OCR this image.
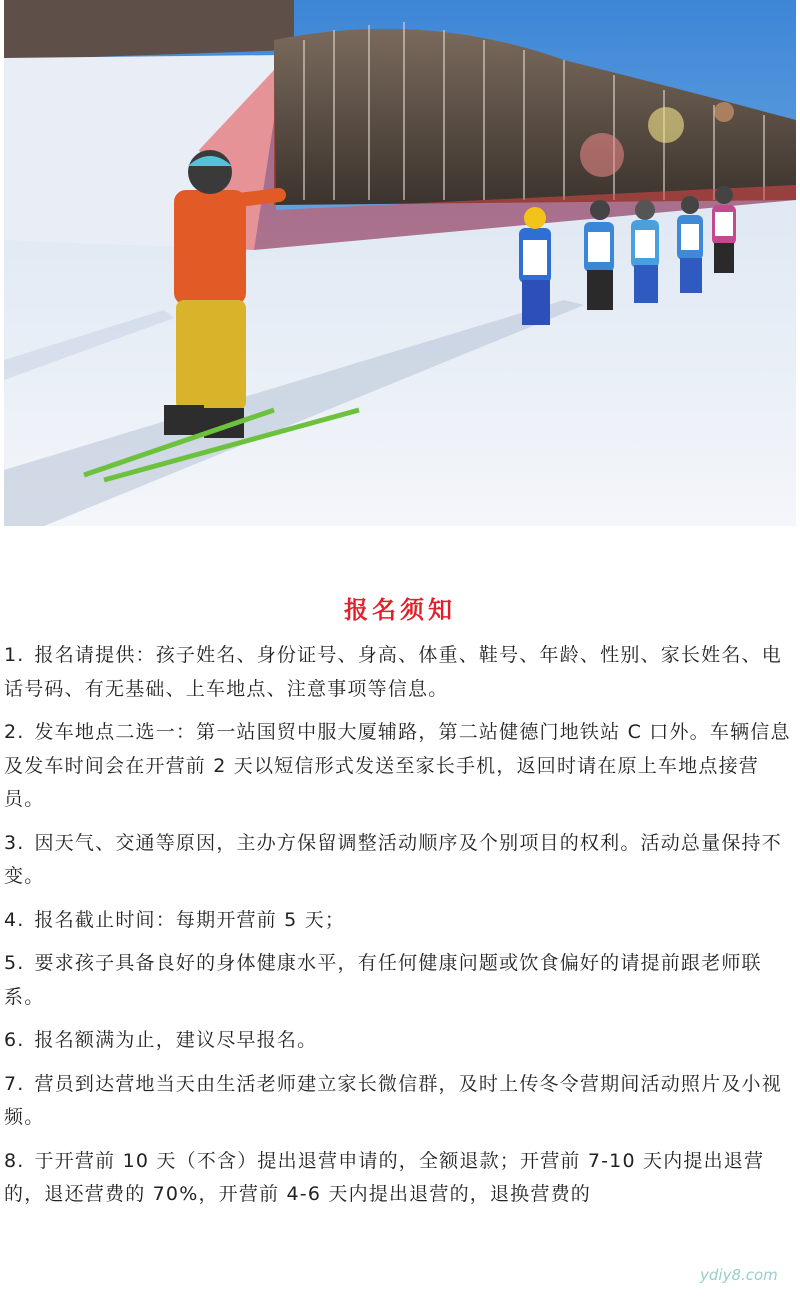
报名须知

1. 报名请提供：孩子姓名、身份证号、身高、体重、鞋号、年龄、性别、家长姓名、电话号码、有无基础、上车地点、注意事项等信息。

2. 发车地点二选一：第一站国贸中服大厦辅路，第二站健德门地铁站 C 口外。车辆信息及发车时间会在开营前 2 天以短信形式发送至家长手机，返回时请在原上车地点接营员。

3. 因天气、交通等原因，主办方保留调整活动顺序及个别项目的权利。活动总量保持不变。

4. 报名截止时间：每期开营前 5 天；

5. 要求孩子具备良好的身体健康水平，有任何健康问题或饮食偏好的请提前跟老师联系。

6. 报名额满为止，建议尽早报名。

7. 营员到达营地当天由生活老师建立家长微信群，及时上传冬令营期间活动照片及小视频。

8. 于开营前 10 天（不含）提出退营申请的，全额退款；开营前 7-10 天内提出退营的，退还营费的 70%，开营前 4-6 天内提出退营的，退换营费的

ydiy8.com
